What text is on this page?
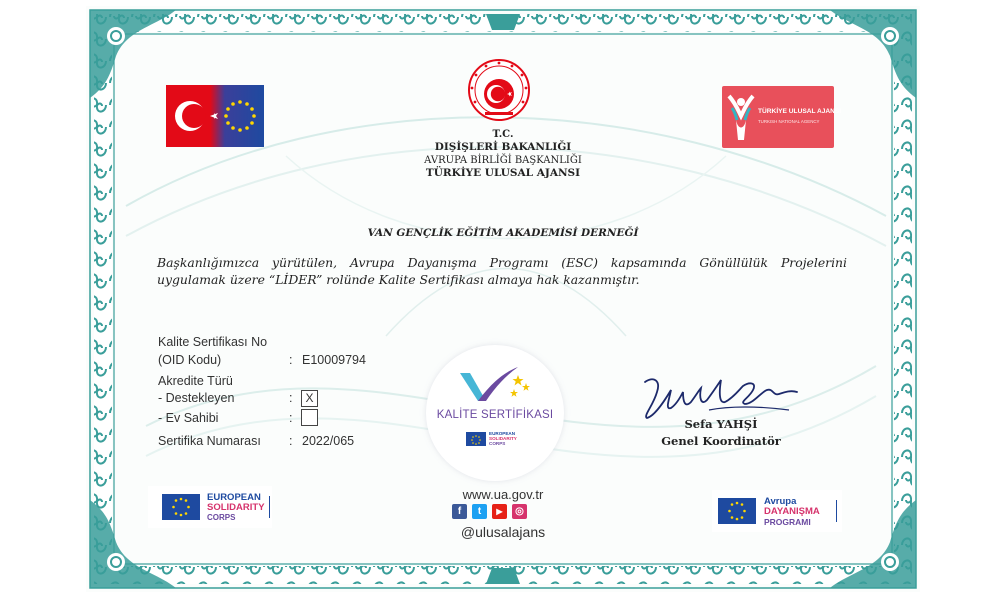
TÜRKİYE ULUSAL AJANSI
TURKISH NATIONAL AGENCY
T.C.
DIŞİŞLERİ BAKANLIĞI
AVRUPA BİRLİĞİ BAŞKANLIĞI
TÜRKİYE ULUSAL AJANSI
VAN GENÇLİK EĞİTİM AKADEMİSİ DERNEĞİ
Başkanlığımızca yürütülen, Avrupa Dayanışma Programı (ESC) kapsamında Gönüllülük Projelerini
uygulamak üzere “LİDER” rolünde Kalite Sertifikası almaya hak kazanmıştır.
Kalite Sertifikası No
(OID Kodu)	: E10009794
Akredite Türü
- Destekleyen	:	X
- Ev Sahibi	:
Sertifika Numarası : 2022/065
KALİTE SERTİFİKASI
EUROPEAN
SOLIDARITY
CORPS
Yahşi Sefa
Sefa YAHŞİ
Genel Koordinatör
EUROPEAN
SOLIDARITY
CORPS
www.ua.gov.tr
f	t	▶	◎
@ulusalajans
Avrupa
DAYANIŞMA
PROGRAMI
